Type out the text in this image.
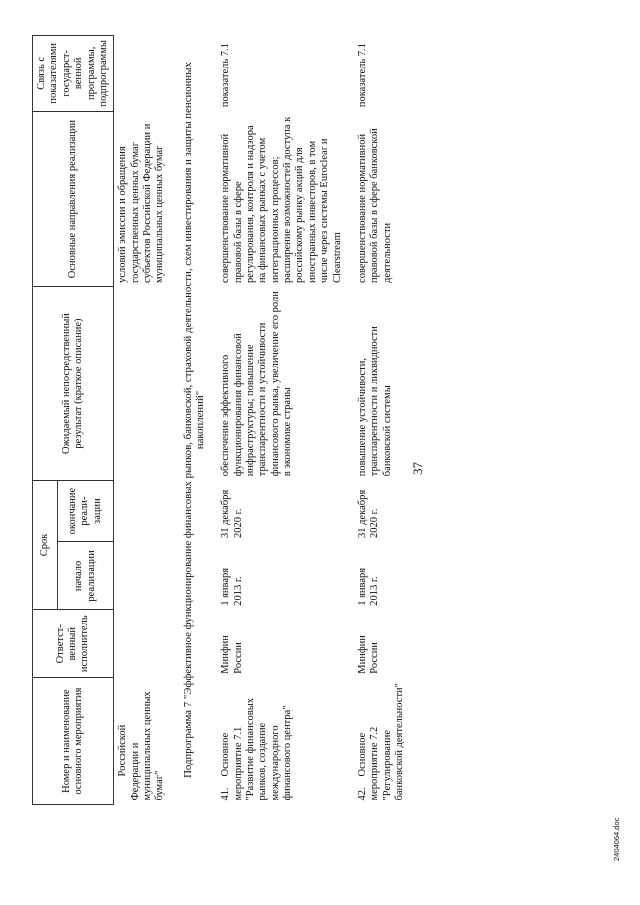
37
Номер и наименование основного мероприятия	Ответст-венный исполнитель	Срок		Ожидаемый непосредственный результат (краткое описание)	Основные направления реализации	Связь с показателями государст-венной программы, подпрограммы
		начало реализации	окончание реали-зации			
Российской Федерации и муниципальных ценных бумаг"					условий эмиссии и обращения государственных ценных бумаг субъектов Российской Федерации и муниципальных ценных бумаг	
Подпрограмма 7 "Эффективное функционирование финансовых рынков, банковской, страховой деятельности, схем инвестирования и защиты пенсионных накоплений"						
41.Основное мероприятие 7.1 "Развитие финансовых рынков, создание международного финансового центра"	Минфин России	1 января 2013 г.	31 декабря 2020 г.	обеспечение эффективного функционирования финансовой инфраструктуры; повышение транспарентности и устойчивости финансового рынка, увеличение его роли в экономике страны	совершенствование нормативной правовой базы в сфере регулирования, контроля и надзора на финансовых рынках с учетом интеграционных процессов; расширение возможностей доступа к российскому рынку акций для иностранных инвесторов, в том числе через системы Euroclear и Clearstream	показатель 7.1
42.Основное мероприятие 7.2 "Регулирование банковской деятельности"	Минфин России	1 января 2013 г.	31 декабря 2020 г.	повышение устойчивости, транспарентности и ликвидности банковской системы	совершенствование нормативной правовой базы в сфере банковской деятельности	показатель 7.1
2404064.doc
